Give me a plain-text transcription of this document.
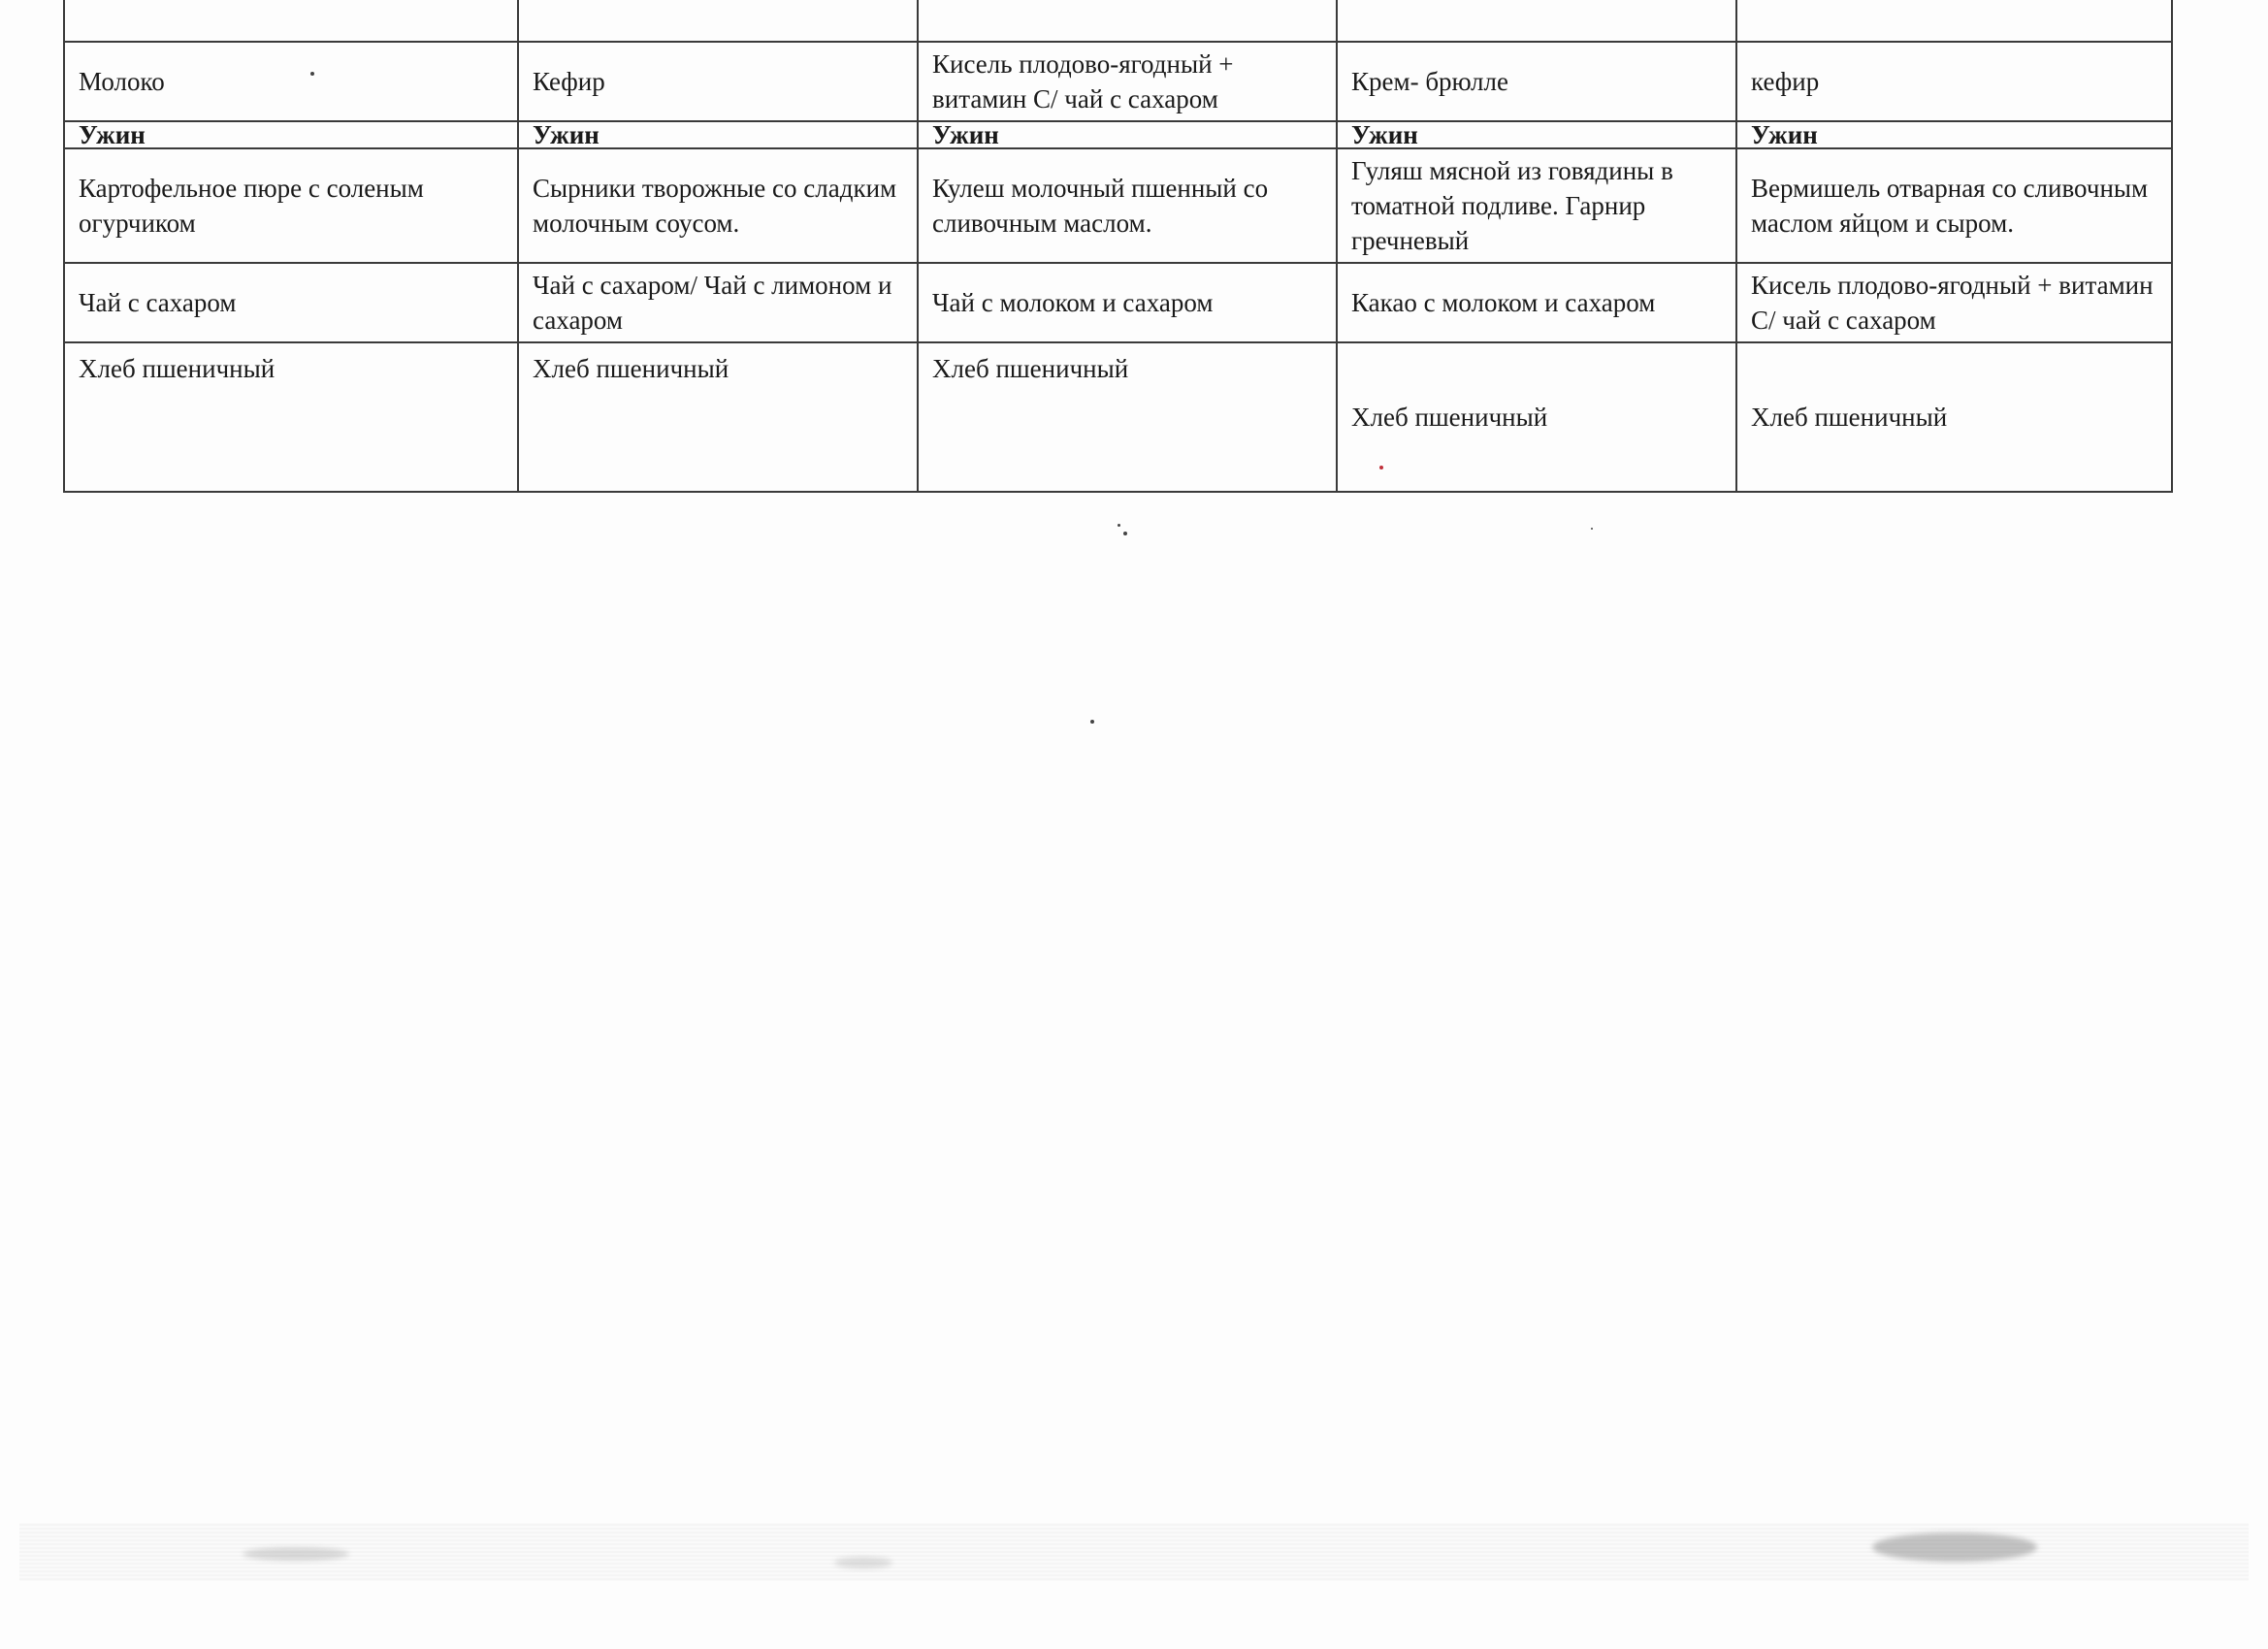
Молоко	Кефир	Кисель плодово-ягодный + витамин С/ чай с сахаром	Крем- брюлле	кефир
Ужин	Ужин	Ужин	Ужин	Ужин
Картофельное пюре с соленым огурчиком	Сырники творожные со сладким молочным соусом.	Кулеш молочный пшенный со сливочным маслом.	Гуляш мясной из говядины в томатной подливе. Гарнир гречневый	Вермишель отварная со сливочным маслом яйцом и сыром.
Чай с сахаром	Чай с сахаром/ Чай с лимоном и сахаром	Чай с молоком и сахаром	Какао с молоком и сахаром	Кисель плодово-ягодный + витамин С/ чай с сахаром
Хлеб пшеничный	Хлеб пшеничный	Хлеб пшеничный	Хлеб пшеничный	Хлеб пшеничный
